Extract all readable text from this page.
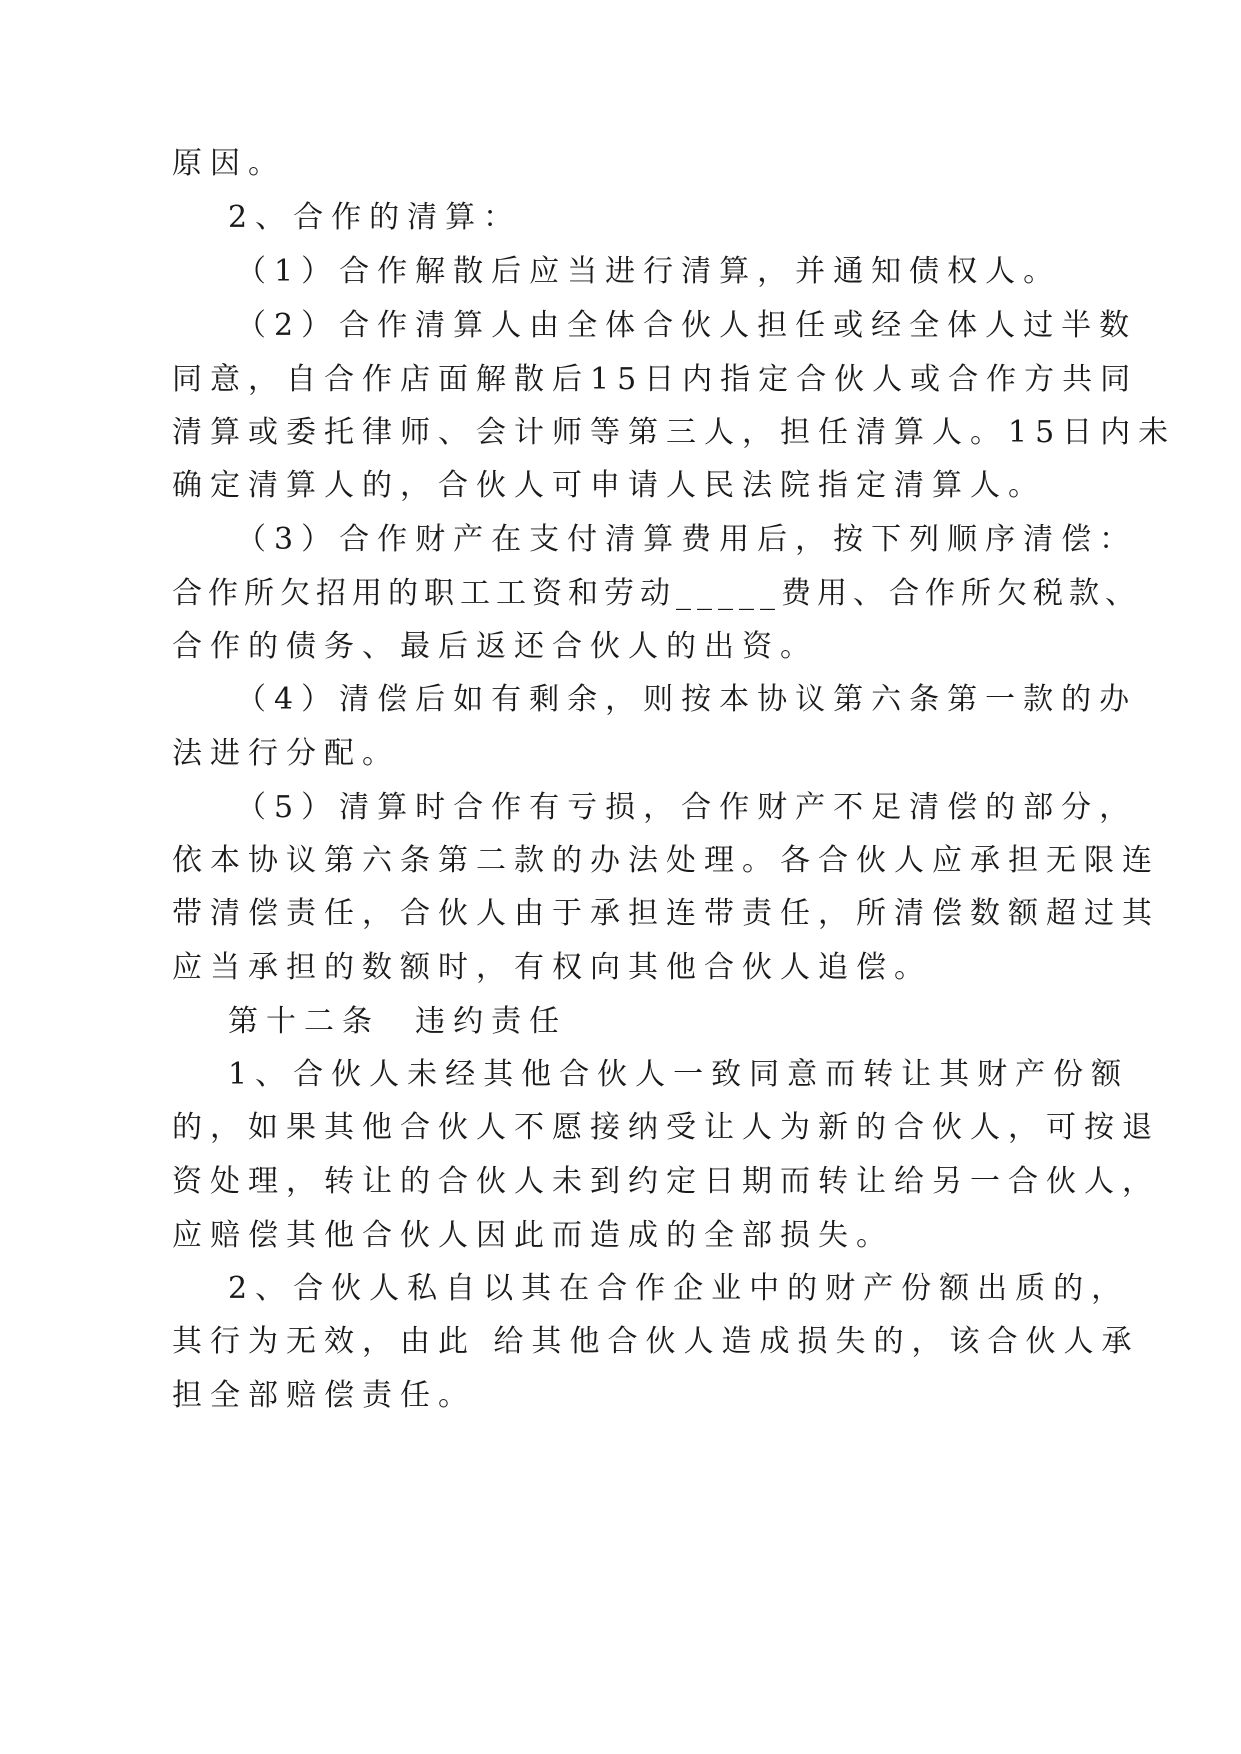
原因。
2、合作的清算：
（1）合作解散后应当进行清算，并通知债权人。
（2）合作清算人由全体合伙人担任或经全体人过半数
同意，自合作店面解散后15日内指定合伙人或合作方共同
清算或委托律师、会计师等第三人，担任清算人。15日内未
确定清算人的，合伙人可申请人民法院指定清算人。
（3）合作财产在支付清算费用后，按下列顺序清偿：
合作所欠招用的职工工资和劳动_____费用、合作所欠税款、
合作的债务、最后返还合伙人的出资。
（4）清偿后如有剩余，则按本协议第六条第一款的办
法进行分配。
（5）清算时合作有亏损，合作财产不足清偿的部分，
依本协议第六条第二款的办法处理。各合伙人应承担无限连
带清偿责任，合伙人由于承担连带责任，所清偿数额超过其
应当承担的数额时，有权向其他合伙人追偿。
第十二条  违约责任
1、合伙人未经其他合伙人一致同意而转让其财产份额
的，如果其他合伙人不愿接纳受让人为新的合伙人，可按退
资处理，转让的合伙人未到约定日期而转让给另一合伙人，
应赔偿其他合伙人因此而造成的全部损失。
2、合伙人私自以其在合作企业中的财产份额出质的，
其行为无效，由此 给其他合伙人造成损失的，该合伙人承
担全部赔偿责任。
